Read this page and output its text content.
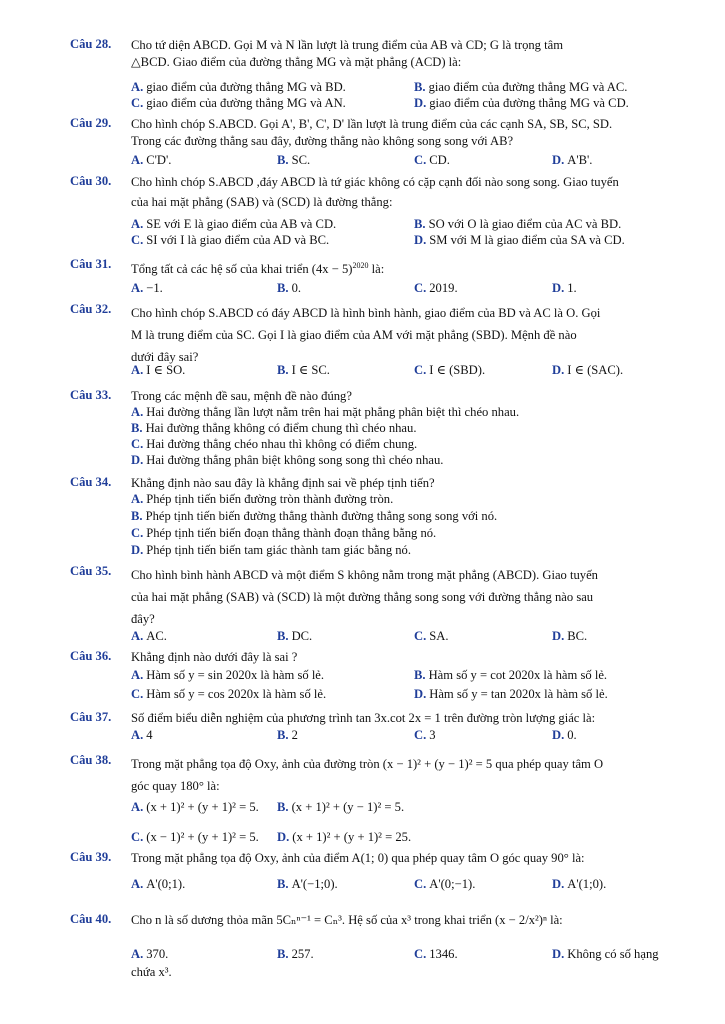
Câu 28.	Cho tứ diện ABCD. Gọi M và N lần lượt là trung điểm của AB và CD; G là trọng tâm
△BCD. Giao điểm của đường thẳng MG và mặt phẳng (ACD) là:
A. giao điểm của đường thẳng MG và BD.	B. giao điểm của đường thẳng MG và AC.
C. giao điểm của đường thẳng MG và AN.	D. giao điểm của đường thẳng MG và CD.
Câu 29.	Cho hình chóp S.ABCD. Gọi A', B', C', D' lần lượt là trung điểm của các cạnh SA, SB, SC, SD.
Trong các đường thẳng sau đây, đường thẳng nào không song song với AB?
A. C'D'.	B. SC.	C. CD.	D. A'B'.
Câu 30.	Cho hình chóp S.ABCD ,đáy ABCD là tứ giác không có cặp cạnh đối nào song song. Giao tuyến
của hai mặt phẳng (SAB) và (SCD) là đường thẳng:
A. SE với E là giao điểm của AB và CD.	B. SO với O là giao điểm của AC và BD.
C. SI với I là giao điểm của AD và BC.	D. SM với M là giao điểm của SA và CD.
Câu 31.	Tổng tất cả các hệ số của khai triển $(4x - 5)^{2020}$ là:
A. −1.	B. 0.	C. 2019.	D. 1.
Câu 32.	Cho hình chóp S.ABCD có đáy ABCD là hình bình hành, giao điểm của BD và AC là O. Gọi
M là trung điểm của SC. Gọi I là giao điểm của AM với mặt phẳng (SBD). Mệnh đề nào
dưới đây sai?
A. I ∈ SO.	B. I ∈ SC.	C. I ∈ (SBD).	D. I ∈ (SAC).
Câu 33.	Trong các mệnh đề sau, mệnh đề nào đúng?
A. Hai đường thẳng lần lượt nằm trên hai mặt phẳng phân biệt thì chéo nhau.
B. Hai đường thẳng không có điểm chung thì chéo nhau.
C. Hai đường thẳng chéo nhau thì không có điểm chung.
D. Hai đường thẳng phân biệt không song song thì chéo nhau.
Câu 34.	Khẳng định nào sau đây là khẳng định sai về phép tịnh tiến?
A. Phép tịnh tiến biến đường tròn thành đường tròn.
B. Phép tịnh tiến biến đường thẳng thành đường thẳng song song với nó.
C. Phép tịnh tiến biến đoạn thẳng thành đoạn thẳng bằng nó.
D. Phép tịnh tiến biến tam giác thành tam giác bằng nó.
Câu 35.	Cho hình bình hành ABCD và một điểm S không nằm trong mặt phẳng (ABCD). Giao tuyến
của hai mặt phẳng (SAB) và (SCD) là một đường thẳng song song với đường thẳng nào sau
đây?
A. AC.	B. DC.	C. SA.	D. BC.
Câu 36.	Khẳng định nào dưới đây là sai ?
A. Hàm số y = sin 2020x là hàm số lẻ.	B. Hàm số y = cot 2020x là hàm số lẻ.
C. Hàm số y = cos 2020x là hàm số lẻ.	D. Hàm số y = tan 2020x là hàm số lẻ.
Câu 37.	Số điểm biểu diễn nghiệm của phương trình tan 3x.cot 2x = 1 trên đường tròn lượng giác là:
A. 4	B. 2	C. 3	D. 0.
Câu 38.	Trong mặt phẳng tọa độ Oxy, ảnh của đường tròn (x − 1)² + (y − 1)² = 5 qua phép quay tâm O
góc quay 180° là:
A. (x + 1)² + (y + 1)² = 5. B. (x + 1)² + (y − 1)² = 5.
C. (x − 1)² + (y + 1)² = 5. D. (x + 1)² + (y + 1)² = 25.
Câu 39.	Trong mặt phẳng tọa độ Oxy, ảnh của điểm A(1; 0) qua phép quay tâm O góc quay 90° là:
A. A'(0;1).	B. A'(−1;0).	C. A'(0;−1).	D. A'(1;0).
Câu 40.	Cho n là số dương thỏa mãn 5Cₙⁿ⁻¹ = Cₙ³. Hệ số của x³ trong khai triển (x − 2/x²)ⁿ là:
A. 370.	B. 257.	C. 1346.	D. Không có số hạng
chứa x³.
